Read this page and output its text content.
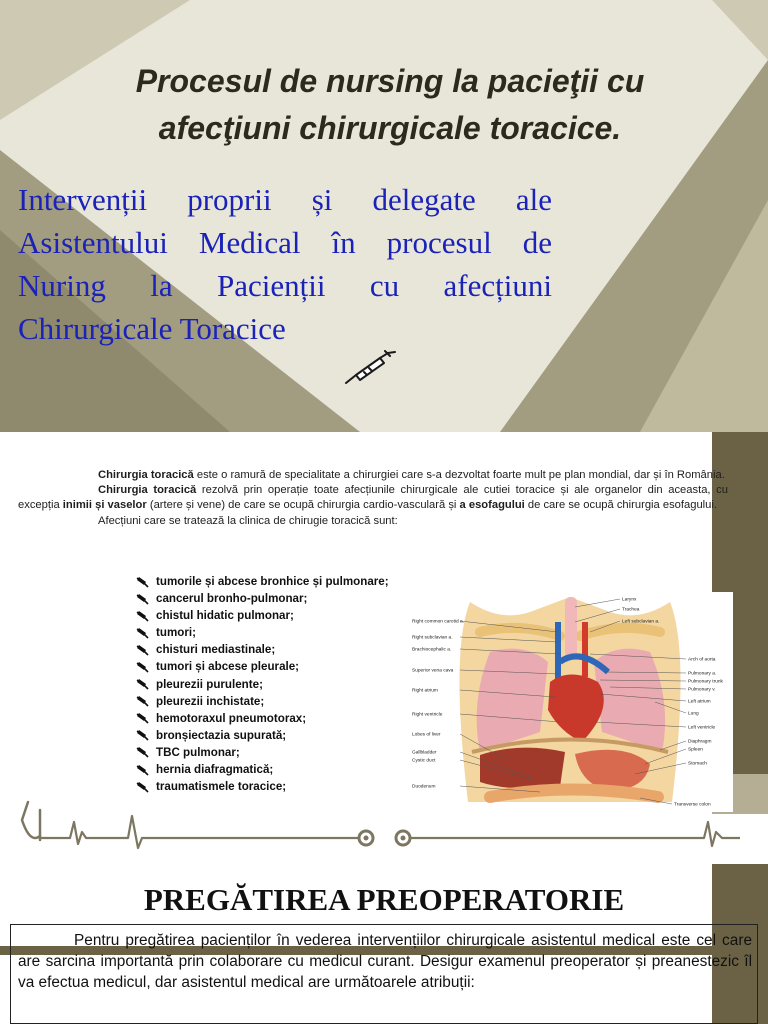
Procesul de nursing la pacieţii cu afecţiuni chirurgicale toracice.

Intervenții proprii și delegate ale Asistentului Medical în procesul de Nuring la Pacienții cu afecțiuni Chirurgicale Toracice

Chirurgia toracică este o ramură de specialitate a chirurgiei care s-a dezvoltat foarte mult pe plan mondial, dar și în România.

Chirurgia toracică rezolvă prin operație toate afecțiunile chirurgicale ale cutiei toracice și ale organelor din aceasta, cu excepția inimii și vaselor (artere și vene) de care se ocupă chirurgia cardio-vasculară și a esofagului de care se ocupă chirurgia esofagului.

Afecțiuni care se tratează la clinica de chirugie toracică sunt:

tumorile și abcese bronhice și pulmonare;
cancerul bronho-pulmonar;
chistul hidatic pulmonar;
tumori;
chisturi mediastinale;
tumori și abcese pleurale;
pleurezii purulente;
pleurezii inchistate;
hemotoraxul pneumotorax;
bronșiectazia supurată;
TBC pulmonar;
hernia diafragmatică;
traumatismele toracice;
Right common carotid a.
Right subclavian a.
Brachiocephalic a.
Superior vena cava
Right atrium
Right ventricle
Lobes of liver
Gallbladder
Cystic duct
Duodenum
Larynx
Trachea
Left subclavian a.
Arch of aorta
Pulmonary a.
Pulmonary trunk
Pulmonary v.
Left atrium
Lung
Left ventricle
Diaphragm
Spleen
Stomach
Transverse colon
PREGĂTIREA PREOPERATORIE

Pentru pregătirea pacienților în vederea intervențiilor chirurgicale asistentul medical este cel care are sarcina importantă prin colaborare cu medicul curant. Desigur examenul preoperator și preanestezic îl va efectua medicul, dar asistentul medical are următoarele atribuții:
